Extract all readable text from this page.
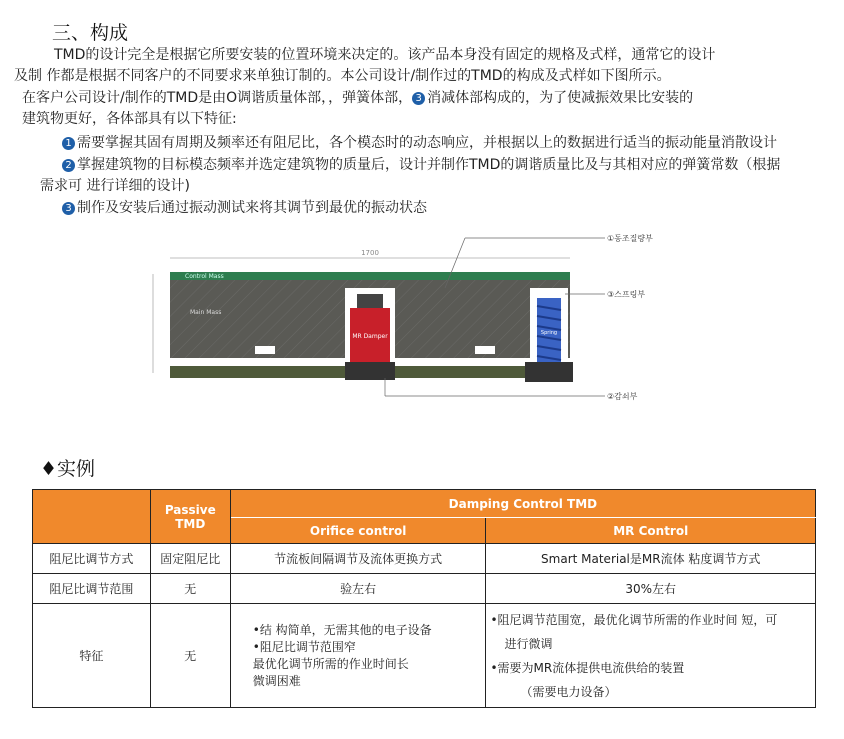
三、构成
TMD的设计完全是根据它所要安装的位置环境来决定的。该产品本身没有固定的规格及式样，通常它的设计
及制 作都是根据不同客户的不同要求来单独订制的。本公司设计/制作过的TMD的构成及式样如下图所示。
在客户公司设计/制作的TMD是由O调谐质量体部，，弹簧体部， 3 消减体部构成的，为了使减振效果比安装的
建筑物更好，各体部具有以下特征:
1 需要掌握其固有周期及频率还有阻尼比，各个模态时的动态响应，并根据以上的数据进行适当的振动能量消散设计
2 掌握建筑物的目标模态频率并选定建筑物的质量后，设计并制作TMD的调谐质量比及与其相对应的弹簧常数（根据
需求可 进行详细的设计)
3 制作及安装后通过振动测试来将其调节到最优的振动状态
1700
Control Mass
Main Mass
MR Damper	Spring
①동조질량부
③스프링부
②감쇠부
♦实例
	Passive TMD	Damping Control TMD	
		Orifice control	MR Control
阻尼比调节方式	固定阻尼比	节流板间隔调节及流体更换方式	Smart Material是MR流体 粘度调节方式
阻尼比调节范围	无	验左右	30%左右
特征	无	•结 构简单，无需其他的电子设备
•阻尼比调节范围窄
最优化调节所需的作业时间长
微调困难	•阻尼调节范围宽，最优化调节所需的作业时间 短，可
进行微调
•需要为MR流体提供电流供给的装置
（需要电力设备）
